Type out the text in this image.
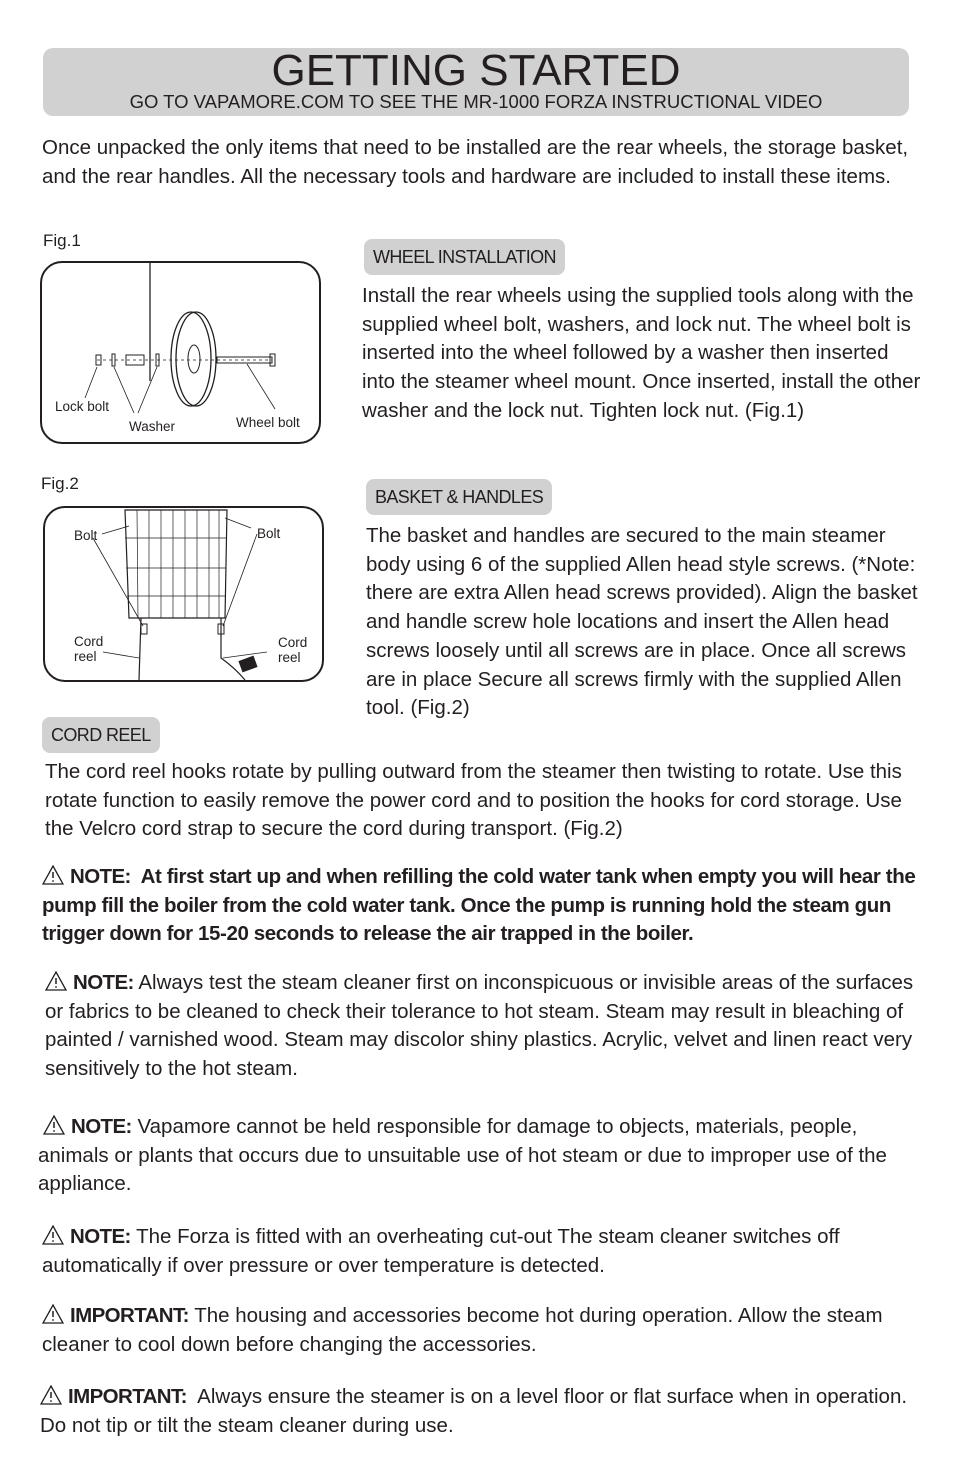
GETTING STARTED
GO TO VAPAMORE.COM TO SEE THE MR-1000 FORZA INSTRUCTIONAL VIDEO
Once unpacked the only items that need to be installed are the rear wheels, the storage basket, and the rear handles. All the necessary tools and hardware are included to install these items.
Fig.1
Lock bolt
Washer	Wheel bolt
WHEEL INSTALLATION
Install the rear wheels using the supplied tools along with the supplied wheel bolt, washers, and lock nut. The wheel bolt is inserted into the wheel followed by a washer then inserted into the steamer wheel mount. Once inserted, install the other washer and the lock nut. Tighten lock nut. (Fig.1)
Fig.2
Bolt	Bolt
Cord
reel
Cord
reel
BASKET & HANDLES
The basket and handles are secured to the main steamer body using 6 of the supplied Allen head style screws. (*Note: there are extra Allen head screws provided). Align the basket and handle screw hole locations and insert the Allen head screws loosely until all screws are in place. Once all screws are in place Secure all screws firmly with the supplied Allen tool. (Fig.2)
CORD REEL
The cord reel hooks rotate by pulling outward from the steamer then twisting to rotate. Use this rotate function to easily remove the power cord and to position the hooks for cord storage. Use the Velcro cord strap to secure the cord during transport. (Fig.2)
NOTE: At first start up and when refilling the cold water tank when empty you will hear the pump fill the boiler from the cold water tank. Once the pump is running hold the steam gun trigger down for 15-20 seconds to release the air trapped in the boiler.
NOTE: Always test the steam cleaner first on inconspicuous or invisible areas of the surfaces or fabrics to be cleaned to check their tolerance to hot steam. Steam may result in bleaching of painted / varnished wood. Steam may discolor shiny plastics. Acrylic, velvet and linen react very sensitively to the hot steam.
NOTE: Vapamore cannot be held responsible for damage to objects, materials, people, animals or plants that occurs due to unsuitable use of hot steam or due to improper use of the appliance.
NOTE: The Forza is fitted with an overheating cut-out The steam cleaner switches off automatically if over pressure or over temperature is detected.
IMPORTANT: The housing and accessories become hot during operation. Allow the steam cleaner to cool down before changing the accessories.
IMPORTANT: Always ensure the steamer is on a level floor or flat surface when in operation. Do not tip or tilt the steam cleaner during use.
